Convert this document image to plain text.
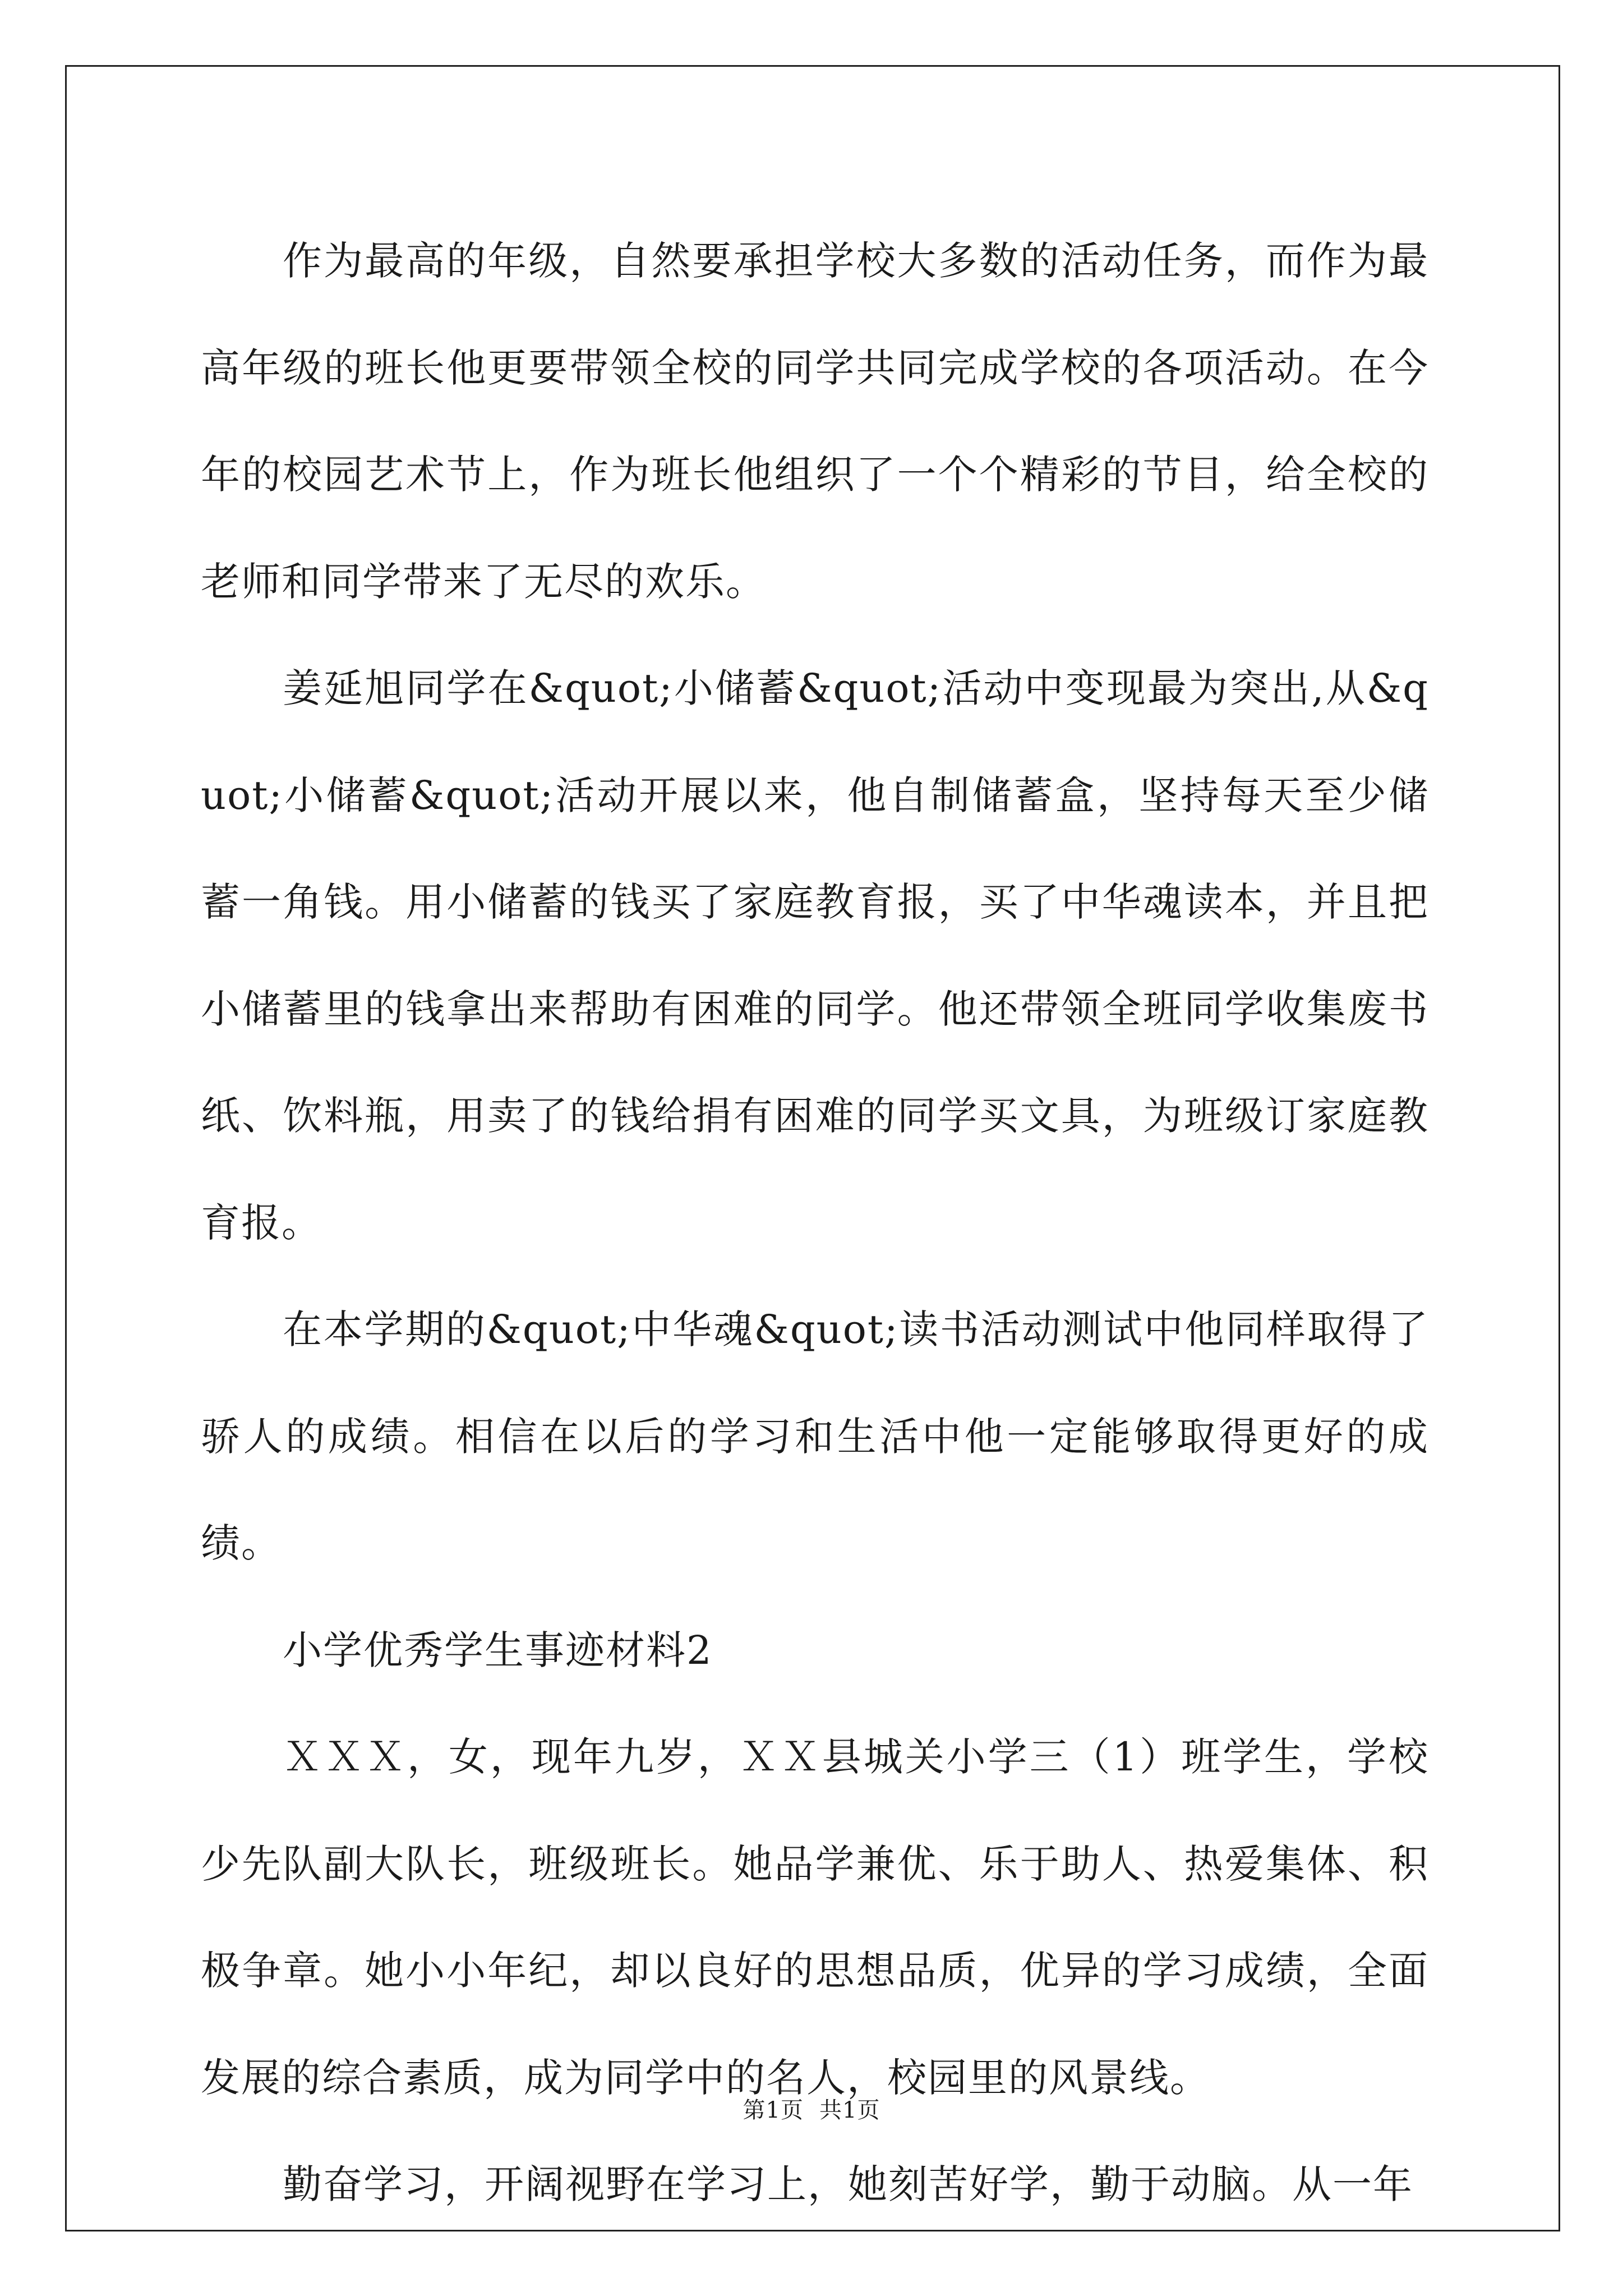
作为最高的年级，自然要承担学校大多数的活动任务，而作为最高年级的班长他更要带领全校的同学共同完成学校的各项活动。在今年的校园艺术节上，作为班长他组织了一个个精彩的节目，给全校的老师和同学带来了无尽的欢乐。

姜延旭同学在&quot;小储蓄&quot;活动中变现最为突出,从&quot;小储蓄&quot;活动开展以来，他自制储蓄盒，坚持每天至少储蓄一角钱。用小储蓄的钱买了家庭教育报，买了中华魂读本，并且把小储蓄里的钱拿出来帮助有困难的同学。他还带领全班同学收集废书纸、饮料瓶，用卖了的钱给捐有困难的同学买文具，为班级订家庭教育报。

在本学期的&quot;中华魂&quot;读书活动测试中他同样取得了骄人的成绩。相信在以后的学习和生活中他一定能够取得更好的成绩。

小学优秀学生事迹材料2

ＸＸＸ，女，现年九岁，ＸＸ县城关小学三（1）班学生，学校少先队副大队长，班级班长。她品学兼优、乐于助人、热爱集体、积极争章。她小小年纪，却以良好的思想品质，优异的学习成绩，全面发展的综合素质，成为同学中的名人，校园里的风景线。

勤奋学习，开阔视野在学习上，她刻苦好学，勤于动脑。从一年

第1页 共1页
